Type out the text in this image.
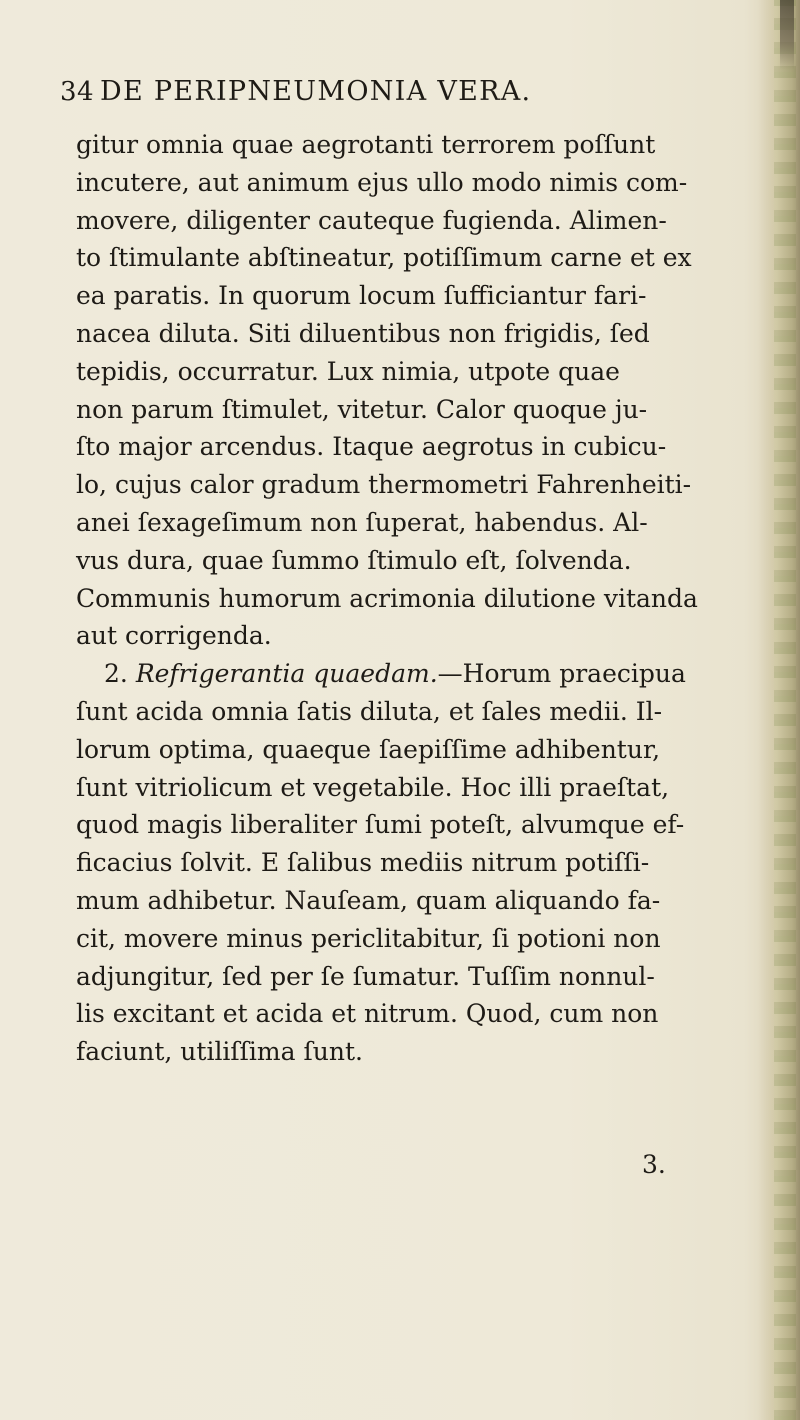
34 DE PERIPNEUMONIA VERA.
gitur omnia quae aegrotanti terrorem poſſunt
incutere, aut animum ejus ullo modo nimis com-
movere, diligenter cauteque fugienda. Alimen-
to ſtimulante abſtineatur, potiſſimum carne et ex
ea paratis. In quorum locum ſufficiantur fari-
nacea diluta. Siti diluentibus non frigidis, ſed
tepidis, occurratur. Lux nimia, utpote quae
non parum ſtimulet, vitetur. Calor quoque ju-
ſto major arcendus. Itaque aegrotus in cubicu-
lo, cujus calor gradum thermometri Fahrenheiti-
anei ſexageſimum non ſuperat, habendus. Al-
vus dura, quae ſummo ſtimulo eſt, ſolvenda.
Communis humorum acrimonia dilutione vitanda
aut corrigenda.
2. Refrigerantia quaedam.—Horum praecipua
ſunt acida omnia ſatis diluta, et ſales medii. Il-
lorum optima, quaeque ſaepiſſime adhibentur,
ſunt vitriolicum et vegetabile. Hoc illi praeſtat,
quod magis liberaliter ſumi poteſt, alvumque ef-
ficacius ſolvit. E ſalibus mediis nitrum potiſſi-
mum adhibetur. Nauſeam, quam aliquando fa-
cit, movere minus periclitabitur, ſi potioni non
adjungitur, ſed per ſe ſumatur. Tuſſim nonnul-
lis excitant et acida et nitrum. Quod, cum non
faciunt, utiliſſima ſunt.
3.
